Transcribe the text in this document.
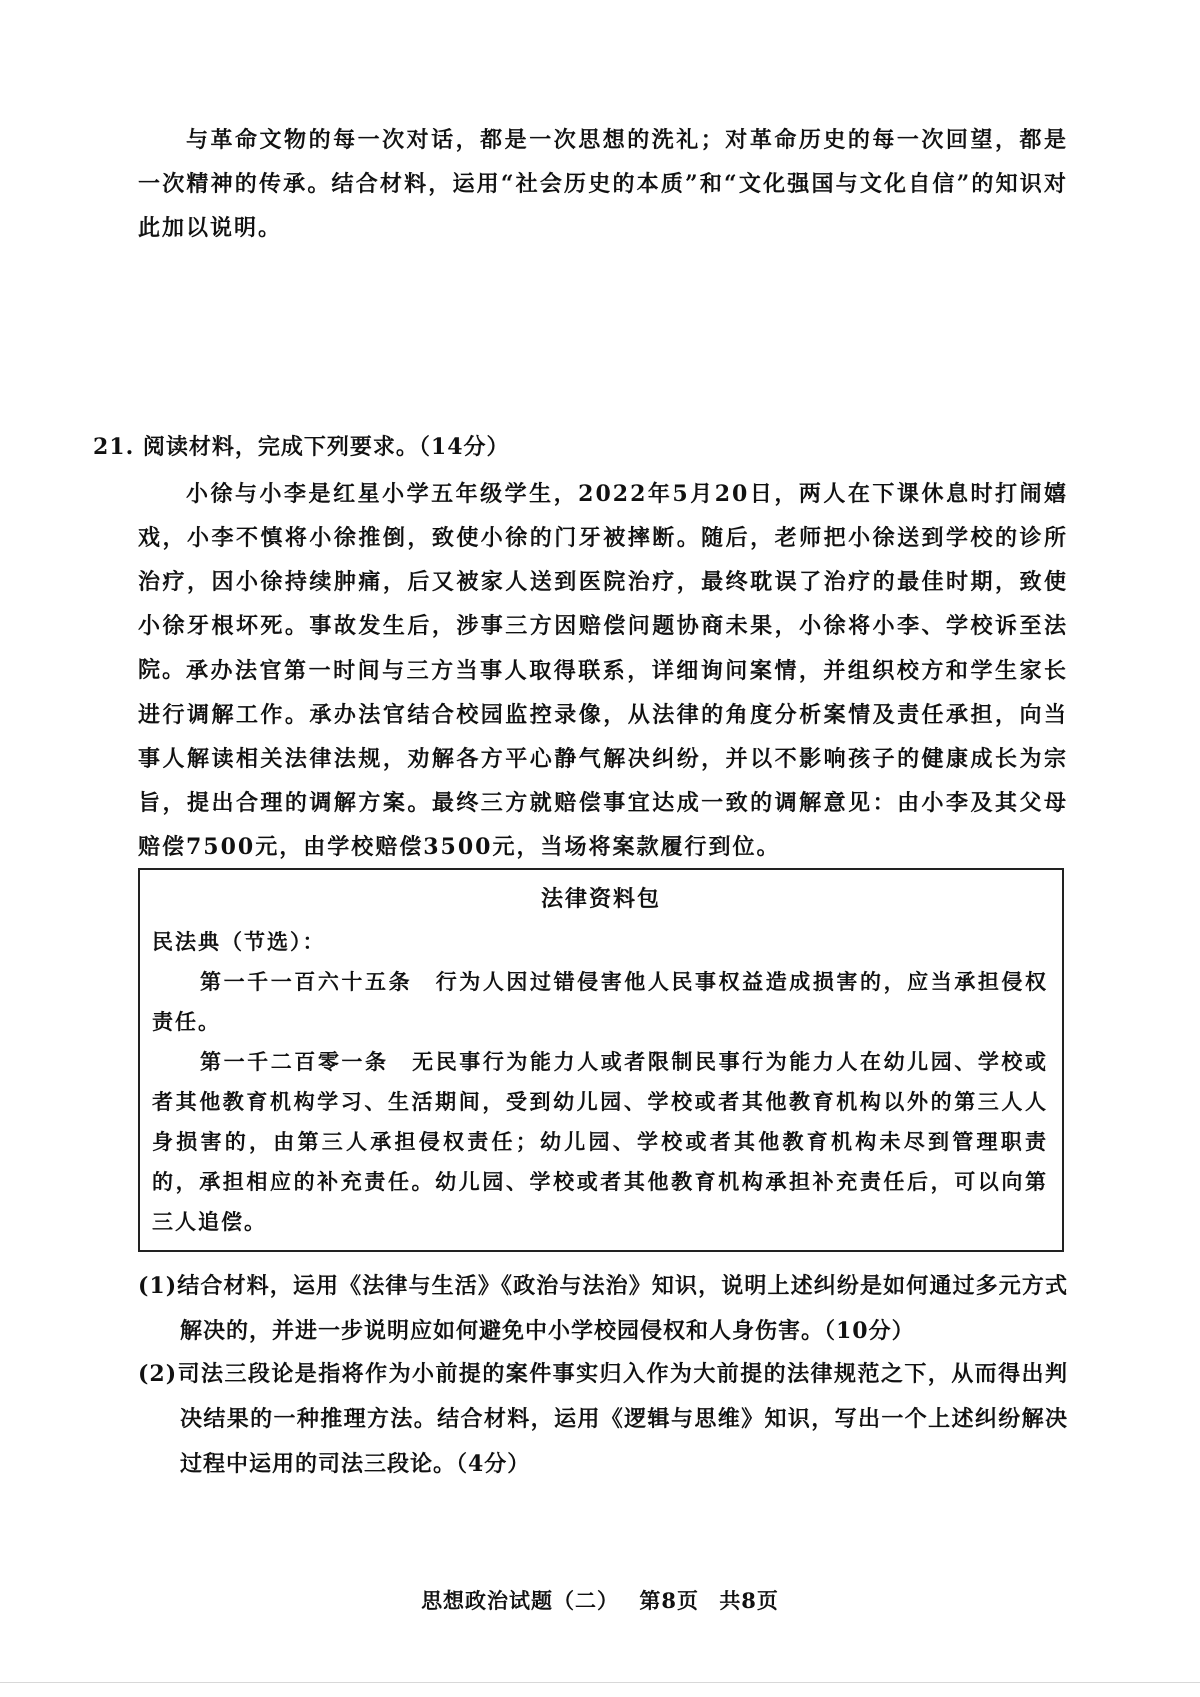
与革命文物的每一次对话，都是一次思想的洗礼；对革命历史的每一次回望，都是一次精神的传承。结合材料，运用“社会历史的本质”和“文化强国与文化自信”的知识对此加以说明。
21. 阅读材料，完成下列要求。（14分）
小徐与小李是红星小学五年级学生，2022年5月20日，两人在下课休息时打闹嬉戏，小李不慎将小徐推倒，致使小徐的门牙被摔断。随后，老师把小徐送到学校的诊所治疗，因小徐持续肿痛，后又被家人送到医院治疗，最终耽误了治疗的最佳时期，致使小徐牙根坏死。事故发生后，涉事三方因赔偿问题协商未果，小徐将小李、学校诉至法院。 承办法官第一时间与三方当事人取得联系，详细询问案情，并组织校方和学生家长进行调解工作。承办法官结合校园监控录像，从法律的角度分析案情及责任承担，向当事人解读相关法律法规，劝解各方平心静气解决纠纷，并以不影响孩子的健康成长为宗旨，提出合理的调解方案。最终三方就赔偿事宜达成一致的调解意见：由小李及其父母赔偿7500元，由学校赔偿3500元，当场将案款履行到位。
法律资料包
民法典（节选）：
第一千一百六十五条　行为人因过错侵害他人民事权益造成损害的，应当承担侵权责任。
第一千二百零一条　无民事行为能力人或者限制民事行为能力人在幼儿园、学校或者其他教育机构学习、生活期间，受到幼儿园、学校或者其他教育机构以外的第三人人身损害的，由第三人承担侵权责任；幼儿园、学校或者其他教育机构未尽到管理职责的，承担相应的补充责任。幼儿园、学校或者其他教育机构承担补充责任后，可以向第三人追偿。
(1)结合材料，运用《法律与生活》《政治与法治》知识，说明上述纠纷是如何通过多元方式解决的，并进一步说明应如何避免中小学校园侵权和人身伤害。（10分）
(2)司法三段论是指将作为小前提的案件事实归入作为大前提的法律规范之下，从而得出判决结果的一种推理方法。结合材料，运用《逻辑与思维》知识，写出一个上述纠纷解决过程中运用的司法三段论。（4分）
思想政治试题（二） 第8页 共8页
